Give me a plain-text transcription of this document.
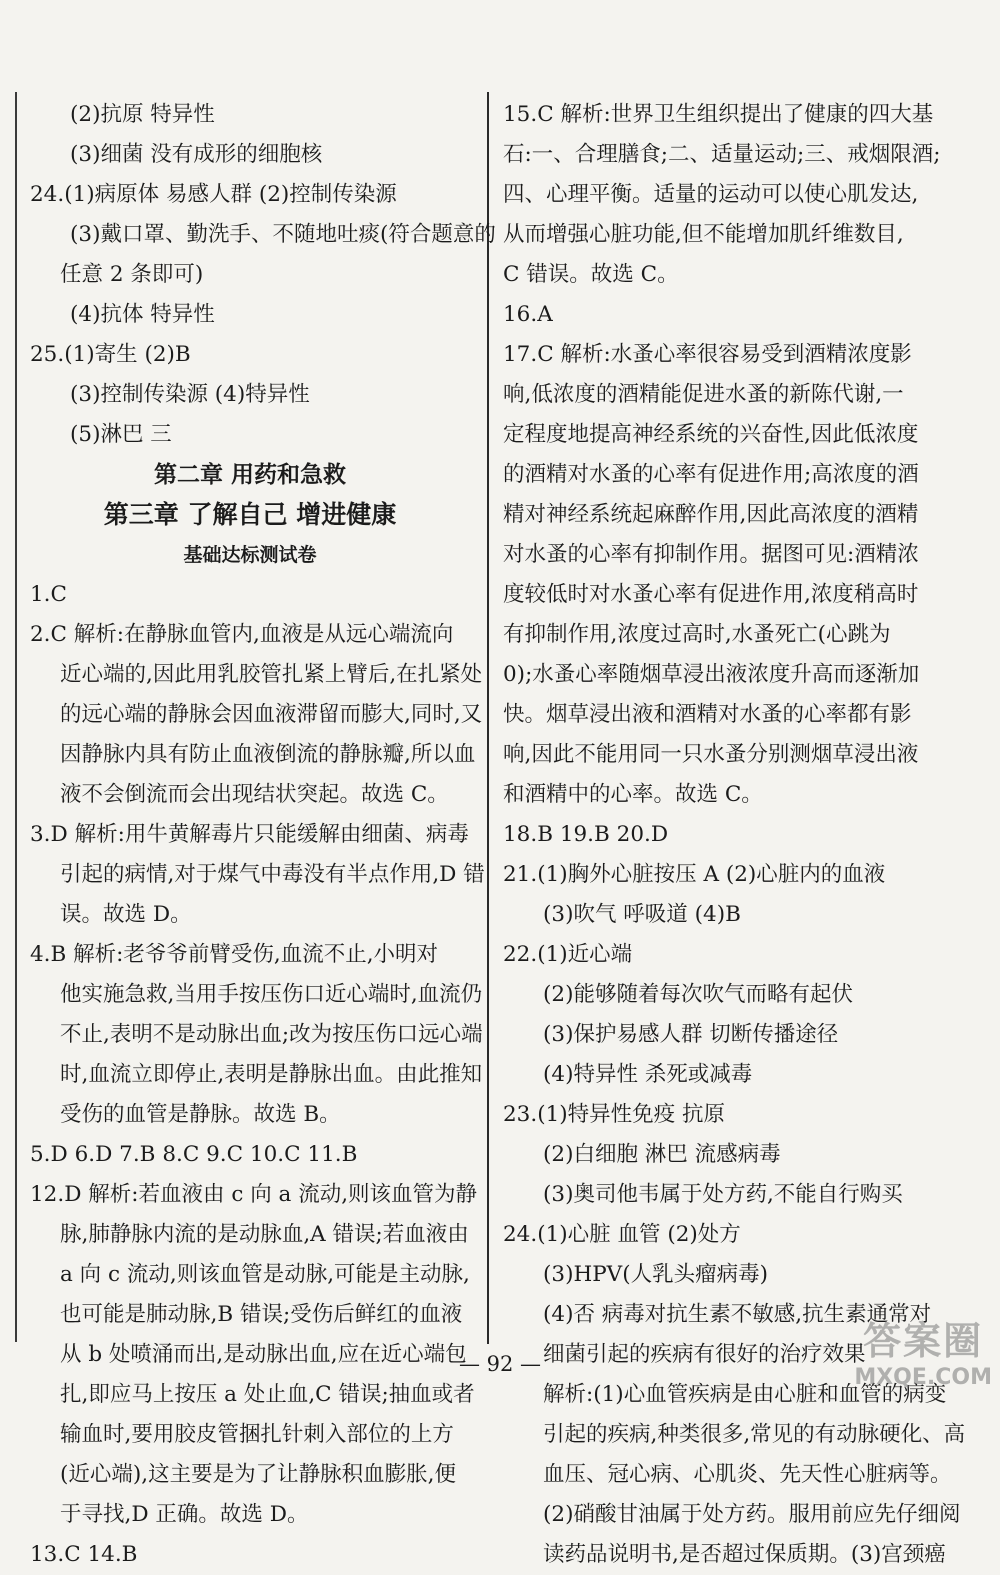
(2)抗原 特异性
(3)细菌 没有成形的细胞核
24.(1)病原体 易感人群 (2)控制传染源
(3)戴口罩、勤洗手、不随地吐痰(符合题意的
任意 2 条即可)
(4)抗体 特异性
25.(1)寄生 (2)B
(3)控制传染源 (4)特异性
(5)淋巴 三
第二章 用药和急救
第三章 了解自己 增进健康
基础达标测试卷
1.C
2.C 解析:在静脉血管内,血液是从远心端流向
近心端的,因此用乳胶管扎紧上臂后,在扎紧处
的远心端的静脉会因血液滞留而膨大,同时,又
因静脉内具有防止血液倒流的静脉瓣,所以血
液不会倒流而会出现结状突起。故选 C。
3.D 解析:用牛黄解毒片只能缓解由细菌、病毒
引起的病情,对于煤气中毒没有半点作用,D 错
误。故选 D。
4.B 解析:老爷爷前臂受伤,血流不止,小明对
他实施急救,当用手按压伤口近心端时,血流仍
不止,表明不是动脉出血;改为按压伤口远心端
时,血流立即停止,表明是静脉出血。由此推知
受伤的血管是静脉。故选 B。
5.D 6.D 7.B 8.C 9.C 10.C 11.B
12.D 解析:若血液由 c 向 a 流动,则该血管为静
脉,肺静脉内流的是动脉血,A 错误;若血液由
a 向 c 流动,则该血管是动脉,可能是主动脉,
也可能是肺动脉,B 错误;受伤后鲜红的血液
从 b 处喷涌而出,是动脉出血,应在近心端包
扎,即应马上按压 a 处止血,C 错误;抽血或者
输血时,要用胶皮管捆扎针刺入部位的上方
(近心端),这主要是为了让静脉积血膨胀,便
于寻找,D 正确。故选 D。
13.C 14.B
15.C 解析:世界卫生组织提出了健康的四大基
石:一、合理膳食;二、适量运动;三、戒烟限酒;
四、心理平衡。适量的运动可以使心肌发达,
从而增强心脏功能,但不能增加肌纤维数目,
C 错误。故选 C。
16.A
17.C 解析:水蚤心率很容易受到酒精浓度影
响,低浓度的酒精能促进水蚤的新陈代谢,一
定程度地提高神经系统的兴奋性,因此低浓度
的酒精对水蚤的心率有促进作用;高浓度的酒
精对神经系统起麻醉作用,因此高浓度的酒精
对水蚤的心率有抑制作用。据图可见:酒精浓
度较低时对水蚤心率有促进作用,浓度稍高时
有抑制作用,浓度过高时,水蚤死亡(心跳为
0);水蚤心率随烟草浸出液浓度升高而逐渐加
快。烟草浸出液和酒精对水蚤的心率都有影
响,因此不能用同一只水蚤分别测烟草浸出液
和酒精中的心率。故选 C。
18.B 19.B 20.D
21.(1)胸外心脏按压 A (2)心脏内的血液
(3)吹气 呼吸道 (4)B
22.(1)近心端
(2)能够随着每次吹气而略有起伏
(3)保护易感人群 切断传播途径
(4)特异性 杀死或减毒
23.(1)特异性免疫 抗原
(2)白细胞 淋巴 流感病毒
(3)奥司他韦属于处方药,不能自行购买
24.(1)心脏 血管 (2)处方
(3)HPV(人乳头瘤病毒)
(4)否 病毒对抗生素不敏感,抗生素通常对
细菌引起的疾病有很好的治疗效果
解析:(1)心血管疾病是由心脏和血管的病变
引起的疾病,种类很多,常见的有动脉硬化、高
血压、冠心病、心肌炎、先天性心脏病等。
(2)硝酸甘油属于处方药。服用前应先仔细阅
读药品说明书,是否超过保质期。(3)宫颈癌
— 92 —
答案圈
MXQE.COM
